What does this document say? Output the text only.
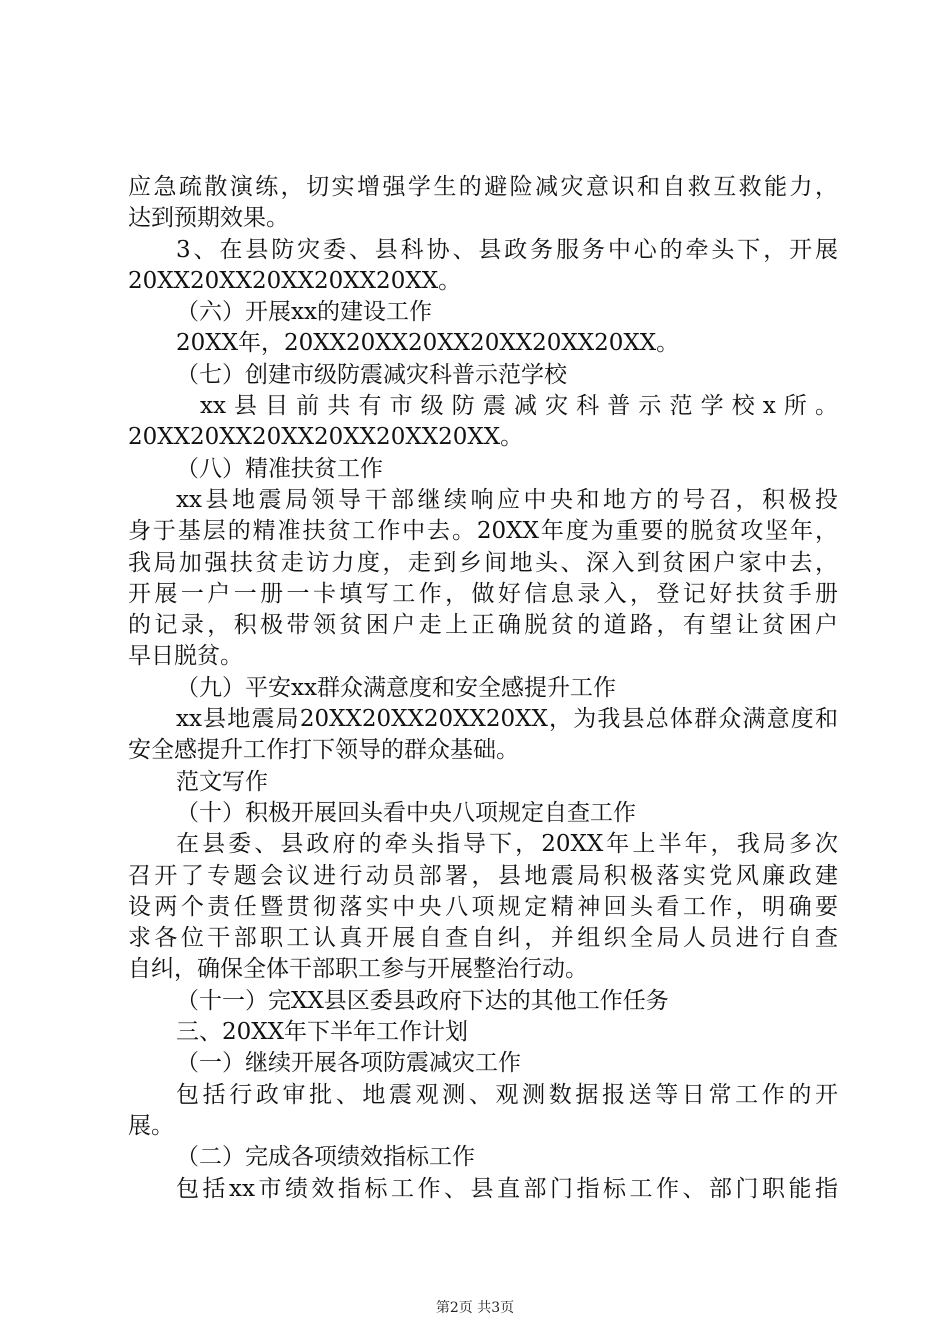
应急疏散演练，切实增强学生的避险减灾意识和自救互救能力，
达到预期效果。
3、在县防灾委、县科协、县政务服务中心的牵头下，开展
20XX20XX20XX20XX20XX。
（六）开展xx的建设工作
20XX年，20XX20XX20XX20XX20XX20XX。
（七）创建市级防震减灾科普示范学校
xx县目前共有市级防震减灾科普示范学校x所。
20XX20XX20XX20XX20XX20XX。
（八）精准扶贫工作
xx县地震局领导干部继续响应中央和地方的号召，积极投
身于基层的精准扶贫工作中去。20XX年度为重要的脱贫攻坚年，
我局加强扶贫走访力度，走到乡间地头、深入到贫困户家中去，
开展一户一册一卡填写工作，做好信息录入，登记好扶贫手册
的记录，积极带领贫困户走上正确脱贫的道路，有望让贫困户
早日脱贫。
（九）平安xx群众满意度和安全感提升工作
xx县地震局20XX20XX20XX20XX，为我县总体群众满意度和
安全感提升工作打下领导的群众基础。
范文写作
（十）积极开展回头看中央八项规定自查工作
在县委、县政府的牵头指导下，20XX年上半年，我局多次
召开了专题会议进行动员部署，县地震局积极落实党风廉政建
设两个责任暨贯彻落实中央八项规定精神回头看工作，明确要
求各位干部职工认真开展自查自纠，并组织全局人员进行自查
自纠，确保全体干部职工参与开展整治行动。
（十一）完XX县区委县政府下达的其他工作任务
三、20XX年下半年工作计划
（一）继续开展各项防震减灾工作
包括行政审批、地震观测、观测数据报送等日常工作的开
展。
（二）完成各项绩效指标工作
包括xx市绩效指标工作、县直部门指标工作、部门职能指
第2页 共3页
